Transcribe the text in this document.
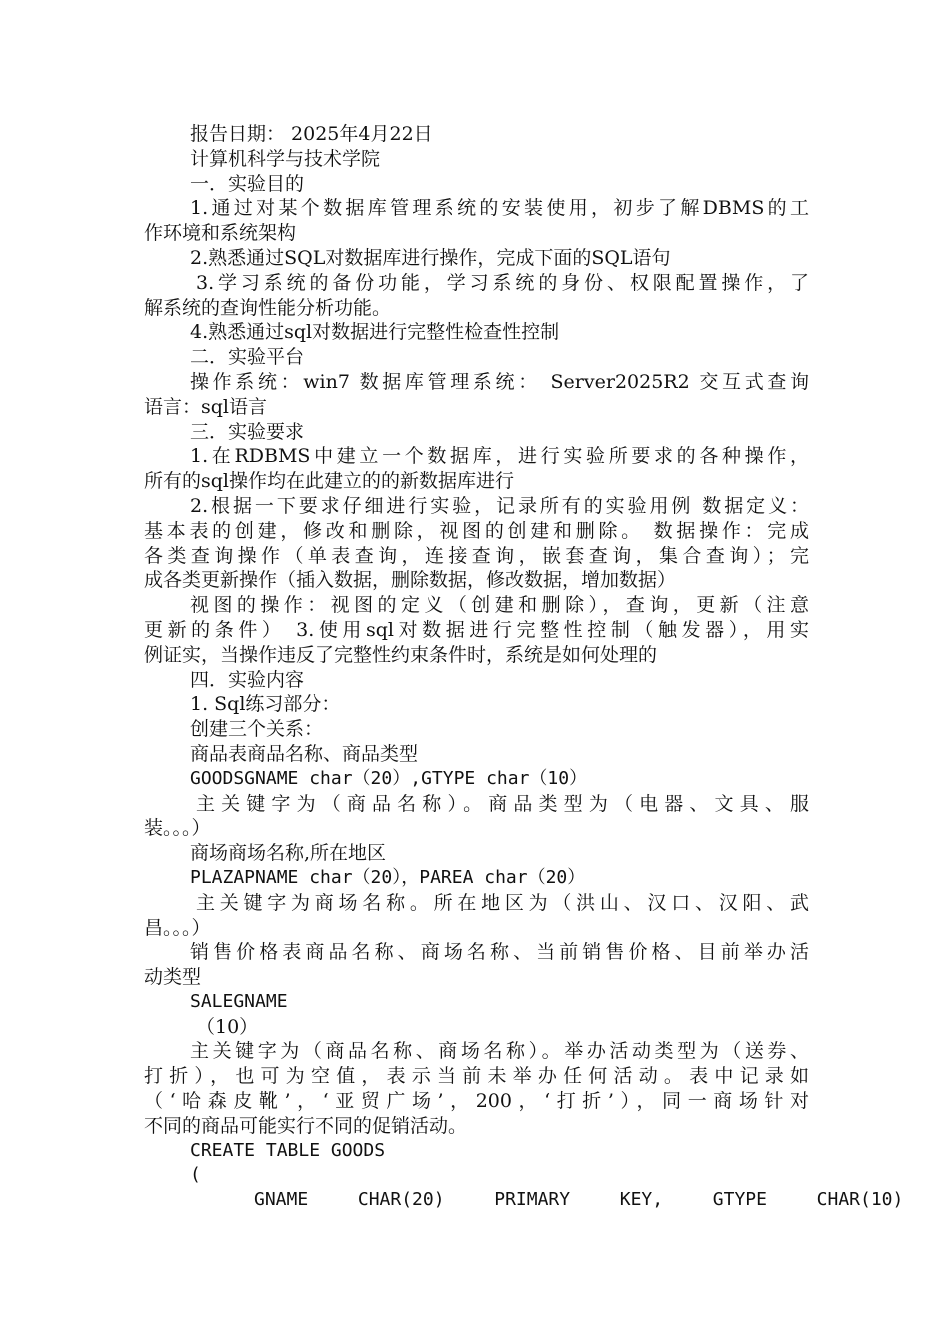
报告日期： 2025年4月22日
计算机科学与技术学院
一．实验目的
1.通过对某个数据库管理系统的安装使用，初步了解DBMS的工
作环境和系统架构
2.熟悉通过SQL对数据库进行操作，完成下面的SQL语句
3.学习系统的备份功能，学习系统的身份、权限配置操作，了
解系统的查询性能分析功能。
4.熟悉通过sql对数据进行完整性检查性控制
二．实验平台
操作系统：win7 数据库管理系统： Server2025R2 交互式查询
语言：sql语言
三．实验要求
1.在RDBMS中建立一个数据库，进行实验所要求的各种操作，
所有的sql操作均在此建立的的新数据库进行
2.根据一下要求仔细进行实验，记录所有的实验用例 数据定义：
基本表的创建，修改和删除，视图的创建和删除。 数据操作：完成
各类查询操作（单表查询，连接查询，嵌套查询，集合查询）；完
成各类更新操作（插入数据，删除数据，修改数据，增加数据）
视图的操作：视图的定义（创建和删除），查询，更新（注意
更新的条件） 3.使用sql对数据进行完整性控制（触发器），用实
例证实，当操作违反了完整性约束条件时，系统是如何处理的
四．实验内容
1. Sql练习部分：
创建三个关系：
商品表商品名称、商品类型
GOODSGNAME char（20）,GTYPE char（10）
主关键字为（商品名称）。商品类型为（电器、文具、服
装。。。）
商场商场名称,所在地区
PLAZAPNAME char（20），PAREA char（20）
主关键字为商场名称。所在地区为（洪山、汉口、汉阳、武
昌。。。）
销售价格表商品名称、商场名称、当前销售价格、目前举办活
动类型
SALEGNAME
（10）
主关键字为（商品名称、商场名称）。举办活动类型为（送券、
打折），也可为空值，表示当前未举办任何活动。表中记录如
（‘哈森皮靴’，‘亚贸广场’，200，‘打折’），同一商场针对
不同的商品可能实行不同的促销活动。
CREATE TABLE GOODS
(
GNAME  CHAR(20)  PRIMARY  KEY,  GTYPE  CHAR(10)
